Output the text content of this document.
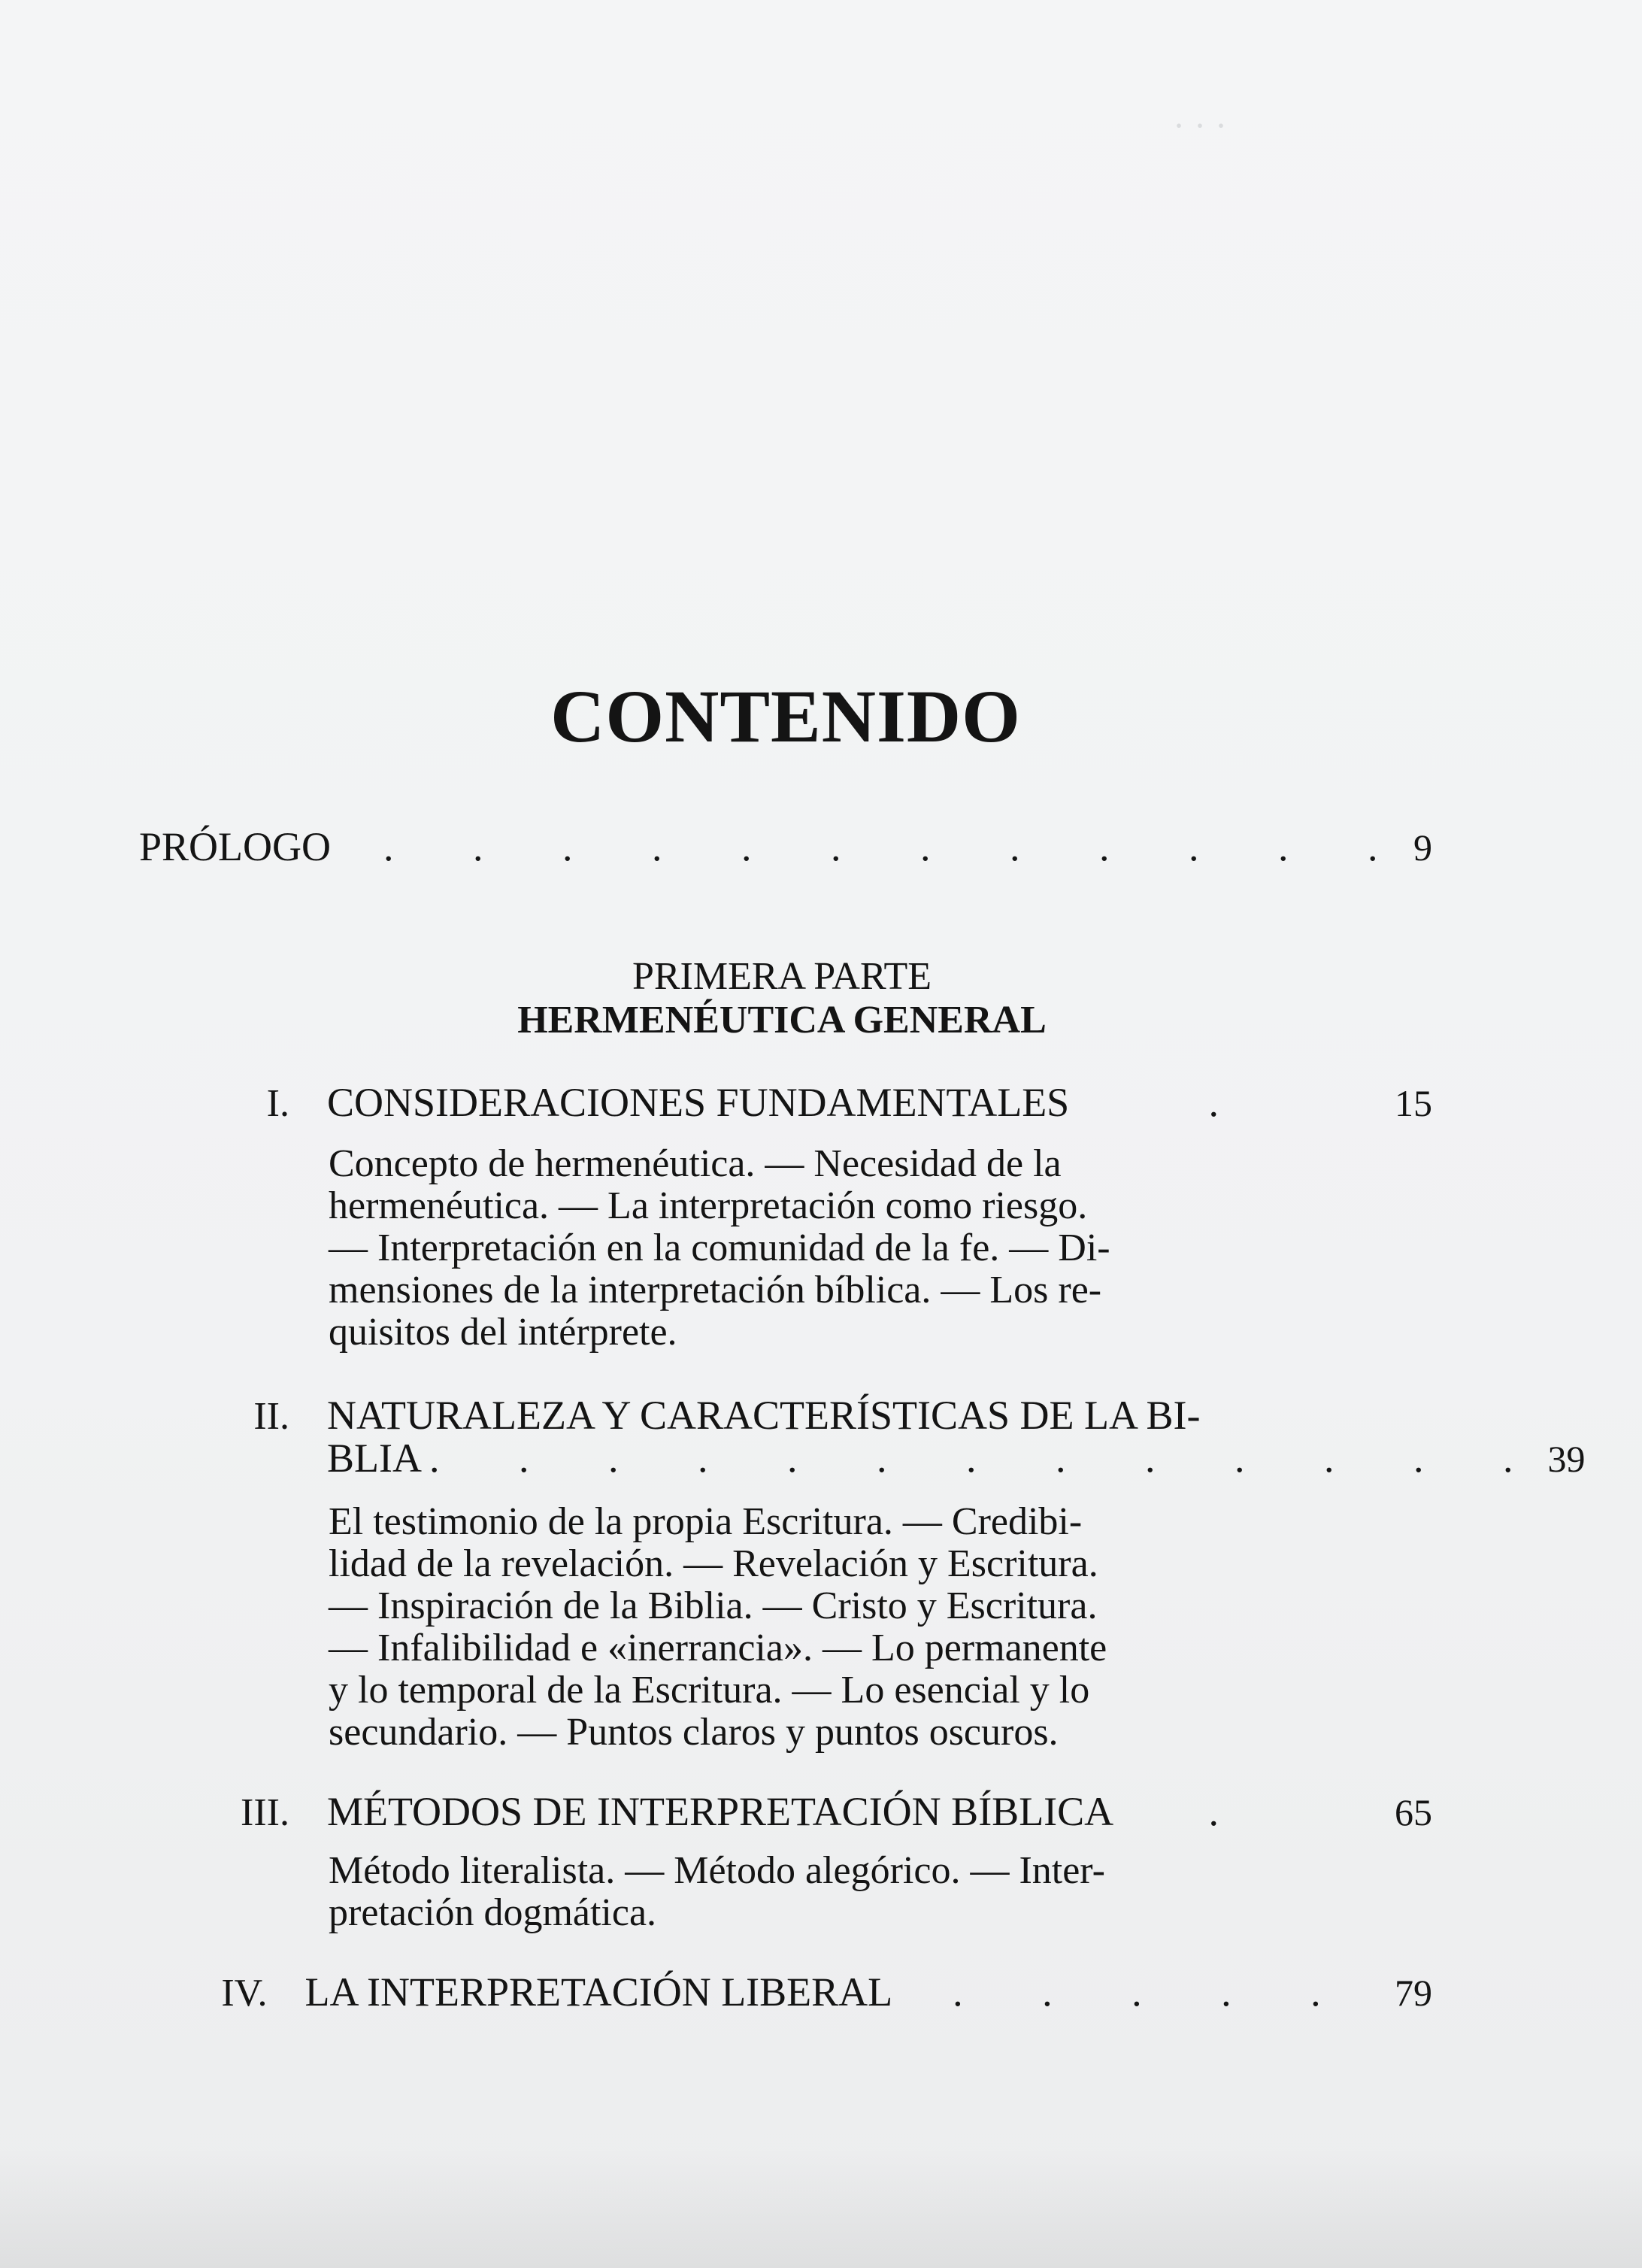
· · ·
CONTENIDO
PRÓLOGO . . . . . . . . . . . . 9
PRIMERA PARTE
HERMENÉUTICA GENERAL
I. CONSIDERACIONES FUNDAMENTALES	.	15

Concepto de hermenéutica. — Necesidad de la

hermenéutica. — La interpretación como riesgo.

— Interpretación en la comunidad de la fe. — Di-

mensiones de la interpretación bíblica. — Los re-

quisitos del intérprete.

II. NATURALEZA Y CARACTERÍSTICAS DE LA BI-
BLIA . . . . . . . . . . . . . 39

El testimonio de la propia Escritura. — Credibi-

lidad de la revelación. — Revelación y Escritura.

— Inspiración de la Biblia. — Cristo y Escritura.

— Infalibilidad e «inerrancia». — Lo permanente

y lo temporal de la Escritura. — Lo esencial y lo

secundario. — Puntos claros y puntos oscuros.

III. MÉTODOS DE INTERPRETACIÓN BÍBLICA	.	65

Método literalista. — Método alegórico. — Inter-

pretación dogmática.

IV. LA INTERPRETACIÓN LIBERAL . . . . .	79
